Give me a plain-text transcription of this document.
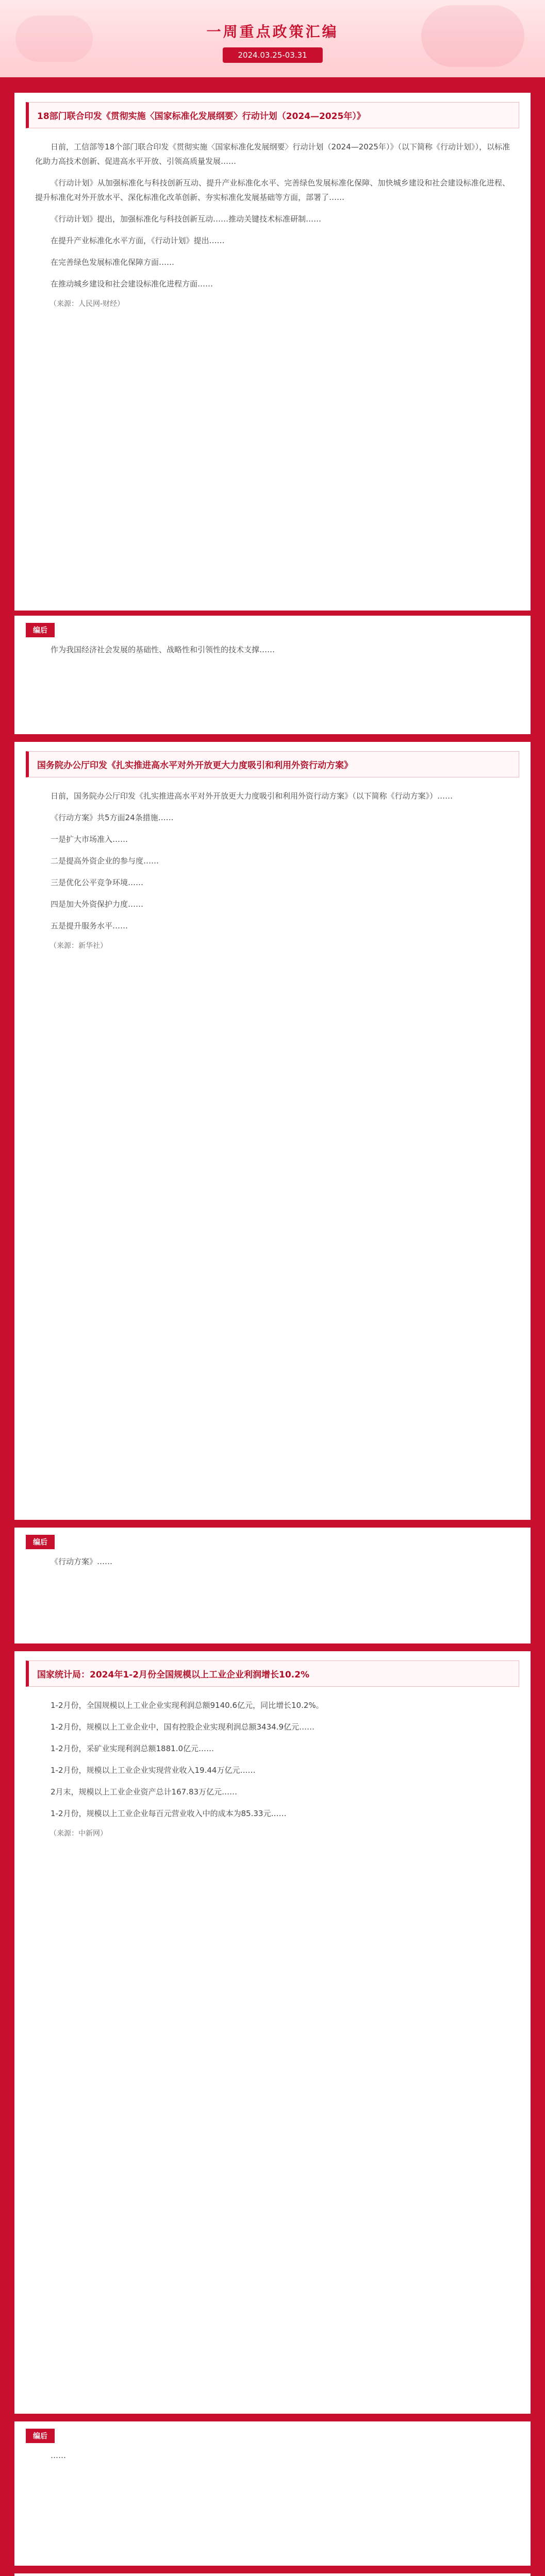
一周重点政策汇编
2024.03.25-03.31
18部门联合印发《贯彻实施〈国家标准化发展纲要〉行动计划（2024—2025年）》

日前，工信部等18个部门联合印发《贯彻实施〈国家标准化发展纲要〉行动计划（2024—2025年）》（以下简称《行动计划》），以标准化助力高技术创新、促进高水平开放、引领高质量发展……

《行动计划》从加强标准化与科技创新互动、提升产业标准化水平、完善绿色发展标准化保障、加快城乡建设和社会建设标准化进程、提升标准化对外开放水平、深化标准化改革创新、夯实标准化发展基础等方面，部署了……

《行动计划》提出，加强标准化与科技创新互动……推动关键技术标准研制……

在提升产业标准化水平方面，《行动计划》提出……

在完善绿色发展标准化保障方面……

在推动城乡建设和社会建设标准化进程方面……

（来源：人民网-财经）

编后
作为我国经济社会发展的基础性、战略性和引领性的技术支撑……
国务院办公厅印发《扎实推进高水平对外开放更大力度吸引和利用外资行动方案》

日前，国务院办公厅印发《扎实推进高水平对外开放更大力度吸引和利用外资行动方案》（以下简称《行动方案》）……

《行动方案》共5方面24条措施……

一是扩大市场准入……

二是提高外资企业的参与度……

三是优化公平竞争环境……

四是加大外资保护力度……

五是提升服务水平……

（来源：新华社）

编后
《行动方案》……
国家统计局：2024年1-2月份全国规模以上工业企业利润增长10.2%

1-2月份，全国规模以上工业企业实现利润总额9140.6亿元，同比增长10.2%。

1-2月份，规模以上工业企业中，国有控股企业实现利润总额3434.9亿元……

1-2月份，采矿业实现利润总额1881.0亿元……

1-2月份，规模以上工业企业实现营业收入19.44万亿元……

2月末，规模以上工业企业资产总计167.83万亿元……

1-2月份，规模以上工业企业每百元营业收入中的成本为85.33元……

（来源：中新网）

编后
……
